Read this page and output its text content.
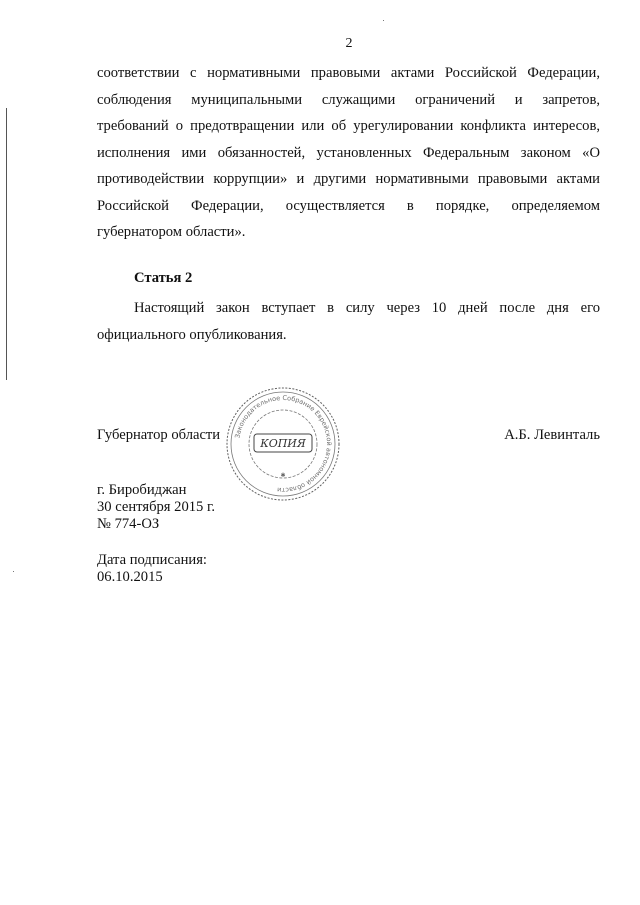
2
соответствии с нормативными правовыми актами Российской Федерации,
соблюдения муниципальными служащими ограничений и запретов,
требований о предотвращении или об урегулировании конфликта интересов,
исполнения ими обязанностей, установленных Федеральным законом «О
противодействии коррупции» и другими нормативными правовыми актами
Российской Федерации, осуществляется в порядке, определяемом
губернатором области».
Статья 2
Настоящий закон вступает в силу через 10 дней после дня его
официального опубликования.
Губернатор области	А.Б. Левинталь
Законодательное Собрание Еврейской автономной области
КОПИЯ
✱
г. Биробиджан
30 сентября 2015 г.
№ 774-ОЗ
Дата подписания:
06.10.2015
